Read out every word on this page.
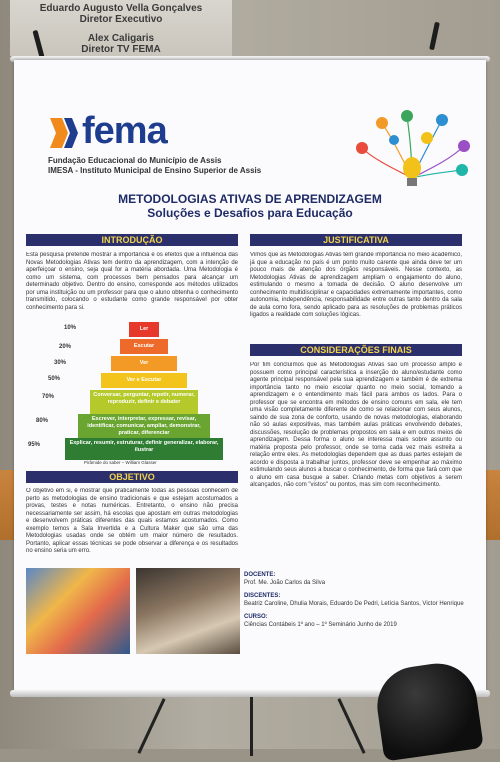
Eduardo Augusto Vella Gonçalves
Diretor Executivo
Alex Caligaris
Diretor TV FEMA
fema
Fundação Educacional do Município de Assis
IMESA - Instituto Municipal de Ensino Superior de Assis
METODOLOGIAS ATIVAS DE APRENDIZAGEM
Soluções e Desafios para Educação
INTRODUÇÃO
Esta pesquisa pretende mostrar a importância e os efeitos que a influência das Novas Metodologias Ativas tem dentro da aprendizagem, com a intenção de aperfeiçoar o ensino, seja qual for a matéria abordada. Uma Metodologia é como um sistema, com processos bem pensados para alcançar um determinado objetivo. Dentro do ensino, corresponde aos métodos utilizados por uma instituição ou um professor para que o aluno obtenha o conhecimento transmitido, colocando o estudante como grande responsável por obter conhecimento para si.
10%
20%
30%
50%
70%
80%
95%
Ler
Escutar
Ver
Ver e Escutar
Conversar, perguntar, repetir, numerar, reproduzir, definir e debater
Escrever, interpretar, expressar, revisar, identificar, comunicar, ampliar, demonstrar, praticar, diferenciar
Explicar, resumir, estruturar, definir generalizar, elaborar, ilustrar
Pirâmide do saber – William Glasser
OBJETIVO
O objetivo em si, é mostrar que praticamente todas as pessoas conhecem de perto as metodologias de ensino tradicionais e que estejam acostumados a provas, testes e notas numéricas. Entretanto, o ensino não precisa necessariamente ser assim, há escolas que apostam em outras metodologias e desenvolvem práticas diferentes das quais estamos acostumados. Como exemplo temos a Sala Invertida e a Cultura Maker que são uma das Metodologias usadas onde se obtém um maior número de resultados. Portanto, aplicar essas técnicas se pode observar a diferença e os resultados no ensino seria um erro.
JUSTIFICATIVA
Vimos que as Metodologias Ativas tem grande importância no meio acadêmico, já que a educação no país é um ponto muito carente que ainda deve ter um pouco mais de atenção dos órgãos responsáveis. Nesse contexto, as Metodologias Ativas de aprendizagem ampliam o engajamento do aluno, estimulando o mesmo a tomada de decisão. O aluno desenvolve um conhecimento multidisciplinar e capacidades extremamente importantes, como autonomia, independência, responsabilidade entre outras tanto dentro da sala de aula como fora, sendo aplicado para as resoluções de problemas práticos ligados a realidade com soluções lógicas.
CONSIDERAÇÕES FINAIS
Por fim concluímos que as Metodologias Ativas são um processo amplo e possuem como principal característica a inserção do aluno/estudante como agente principal responsável pela sua aprendizagem e também é de extrema importância tanto no meio escolar quanto no meio social, tomando a aprendizagem e o entendimento mais fácil para ambos os lados. Para o professor que se encontra em métodos de ensino comuns em sala, ele tem uma visão completamente diferente de como se relacionar com seus alunos, saindo de sua zona de conforto, usando de novas metodologias, elaborando não só aulas expositivas, mas também aulas práticas envolvendo debates, discussões, resolução de problemas propostos em sala e em outros meios de aprendizagem. Dessa forma o aluno se interessa mais sobre assunto ou matéria proposta pelo professor, onde se torna cada vez mais estreita a relação entre eles. As metodologias dependem que as duas partes estejam de acordo e disposta a trabalhar juntos, professor deve se empenhar ao máximo estimulando seus alunos a buscar o conhecimento, de forma que fará com que o aluno em casa busque a saber. Criando metas com objetivos a serem alcançados, não com "vistos" ou pontos, mas sim com reconhecimento.
DOCENTE:
Prof. Me. João Carlos da Silva
DISCENTES:
Beatriz Caroline, Dhulia Morais, Eduardo De Pedri, Letícia Santos, Victor Henrique
CURSO:
Ciências Contábeis 1º ano – 1º Seminário Junho de 2019
